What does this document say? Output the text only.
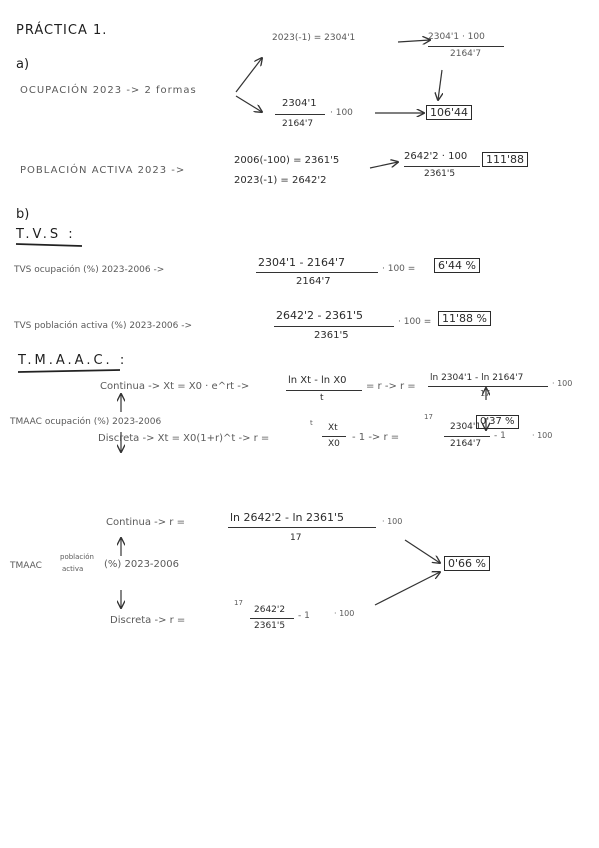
PRÁCTICA 1.
a)
OCUPACIÓN 2023 -> 2 formas
2023(-1) = 2304'1	2304'1 · 100
2164'7
2304'1
2164'7
· 100	106'44
POBLACIÓN ACTIVA 2023 ->
2006(-100) = 2361'5
2023(-1) = 2642'2
2642'2 · 100
2361'5
111'88
b)
T.V.S :
TVS ocupación (%) 2023-2006 ->
2304'1 - 2164'7
2164'7
· 100 =	6'44 %
TVS población activa (%) 2023-2006 ->
2642'2 - 2361'5
2361'5
· 100 = 11'88 %
T.M.A.A.C. :
Continua -> Xt = X0 · e^rt ->
ln Xt - ln X0
t
= r -> r =
ln 2304'1 - ln 2164'7
17
· 100
TMAAC ocupación (%) 2023-2006	0'37 %
Discreta -> Xt = X0(1+r)^t -> r =
t Xt
X0
- 1 -> r =
17
2304'1
2164'7
- 1	· 100
Continua -> r =	ln 2642'2 - ln 2361'5
17
· 100
TMAAC
población
activa (%) 2023-2006	0'66 %
Discreta -> r =
17
2642'2
2361'5
- 1	· 100
